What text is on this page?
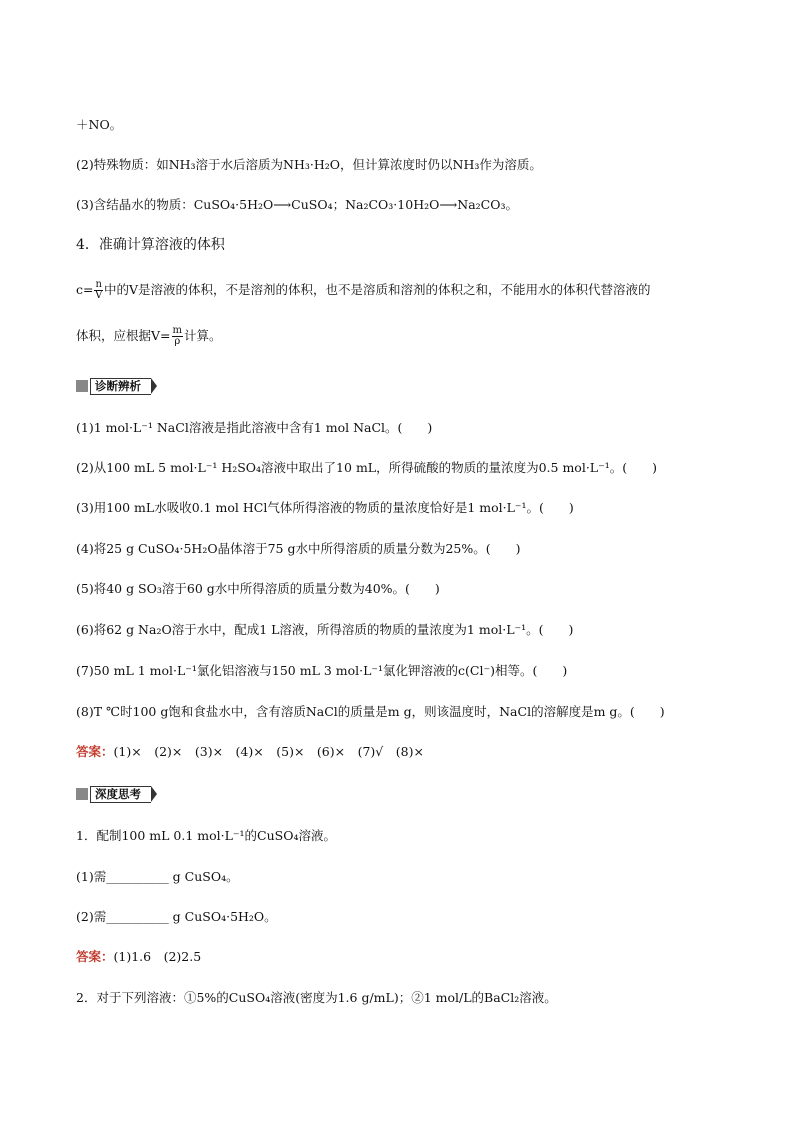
＋NO。
(2)特殊物质：如NH₃溶于水后溶质为NH₃·H₂O，但计算浓度时仍以NH₃作为溶质。
(3)含结晶水的物质：CuSO₄·5H₂O⟶CuSO₄；Na₂CO₃·10H₂O⟶Na₂CO₃。
4．准确计算溶液的体积
$c= \frac{n}{V}$ 中的V是溶液的体积，不是溶剂的体积，也不是溶质和溶剂的体积之和，不能用水的体积代替溶液的
体积，应根据$V= \frac{m}{\rho}$ 计算。
诊断辨析
(1)1 mol·L⁻¹ NaCl溶液是指此溶液中含有1 mol NaCl。(　　)
(2)从100 mL 5 mol·L⁻¹ H₂SO₄溶液中取出了10 mL，所得硫酸的物质的量浓度为0.5 mol·L⁻¹。(　　)
(3)用100 mL水吸收0.1 mol HCl气体所得溶液的物质的量浓度恰好是1 mol·L⁻¹。(　　)
(4)将25 g CuSO₄·5H₂O晶体溶于75 g水中所得溶质的质量分数为25%。(　　)
(5)将40 g SO₃溶于60 g水中所得溶质的质量分数为40%。(　　)
(6)将62 g Na₂O溶于水中，配成1 L溶液，所得溶质的物质的量浓度为1 mol·L⁻¹。(　　)
(7)50 mL 1 mol·L⁻¹氯化铝溶液与150 mL 3 mol·L⁻¹氯化钾溶液的c(Cl⁻)相等。(　　)
(8)T ℃时100 g饱和食盐水中，含有溶质NaCl的质量是m g，则该温度时，NaCl的溶解度是m g。(　　)
答案：(1)×　(2)×　(3)×　(4)×　(5)×　(6)×　(7)√　(8)×
深度思考
1．配制100 mL 0.1 mol·L⁻¹的CuSO₄溶液。
(1)需__________ g CuSO₄。
(2)需__________ g CuSO₄·5H₂O。
答案：(1)1.6　(2)2.5
2．对于下列溶液：①5%的CuSO₄溶液(密度为1.6 g/mL)；②1 mol/L的BaCl₂溶液。
